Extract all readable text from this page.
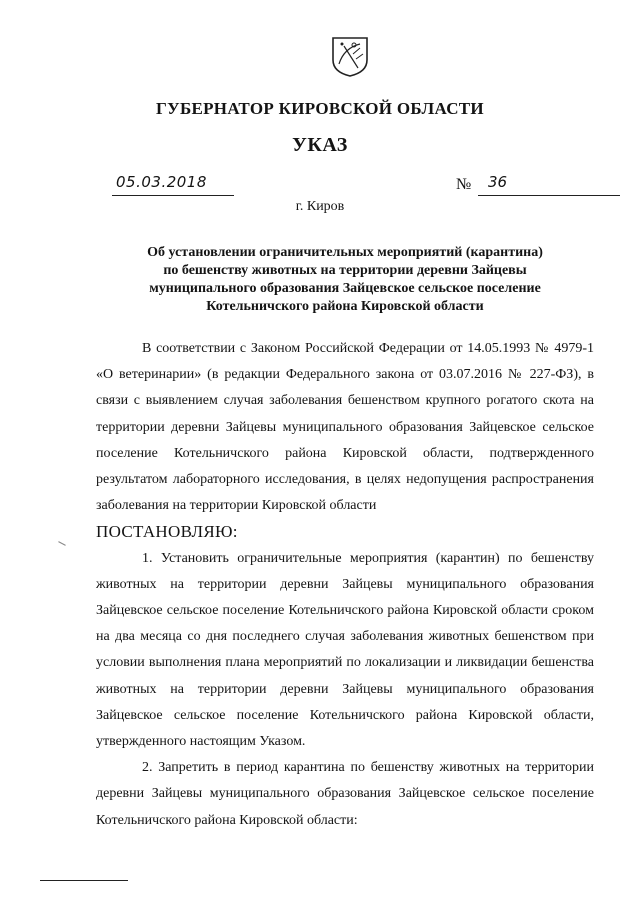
ГУБЕРНАТОР КИРОВСКОЙ ОБЛАСТИ
УКАЗ
05.03.2018	№ 36
г. Киров
Об установлении ограничительных мероприятий (карантина)
по бешенству животных на территории деревни Зайцевы
муниципального образования Зайцевское сельское поселение
Котельничского района Кировской области

В соответствии с Законом Российской Федерации от 14.05.1993 № 4979-1 «О ветеринарии» (в редакции Федерального закона от 03.07.2016 № 227-ФЗ), в связи с выявлением случая заболевания бешенством крупного рогатого скота на территории деревни Зайцевы муниципального образования Зайцевское сельское поселение Котельничского района Кировской области, подтвержденного результатом лабораторного исследования, в целях недопущения распространения заболевания на территории Кировской области

ПОСТАНОВЛЯЮ:

1. Установить ограничительные мероприятия (карантин) по бешенству животных на территории деревни Зайцевы муниципального образования Зайцевское сельское поселение Котельничского района Кировской области сроком на два месяца со дня последнего случая заболевания животных бешенством при условии выполнения плана мероприятий по локализации и ликвидации бешенства животных на территории деревни Зайцевы муниципального образования Зайцевское сельское поселение Котельничского района Кировской области, утвержденного настоящим Указом.

2. Запретить в период карантина по бешенству животных на территории деревни Зайцевы муниципального образования Зайцевское сельское поселение Котельничского района Кировской области:
